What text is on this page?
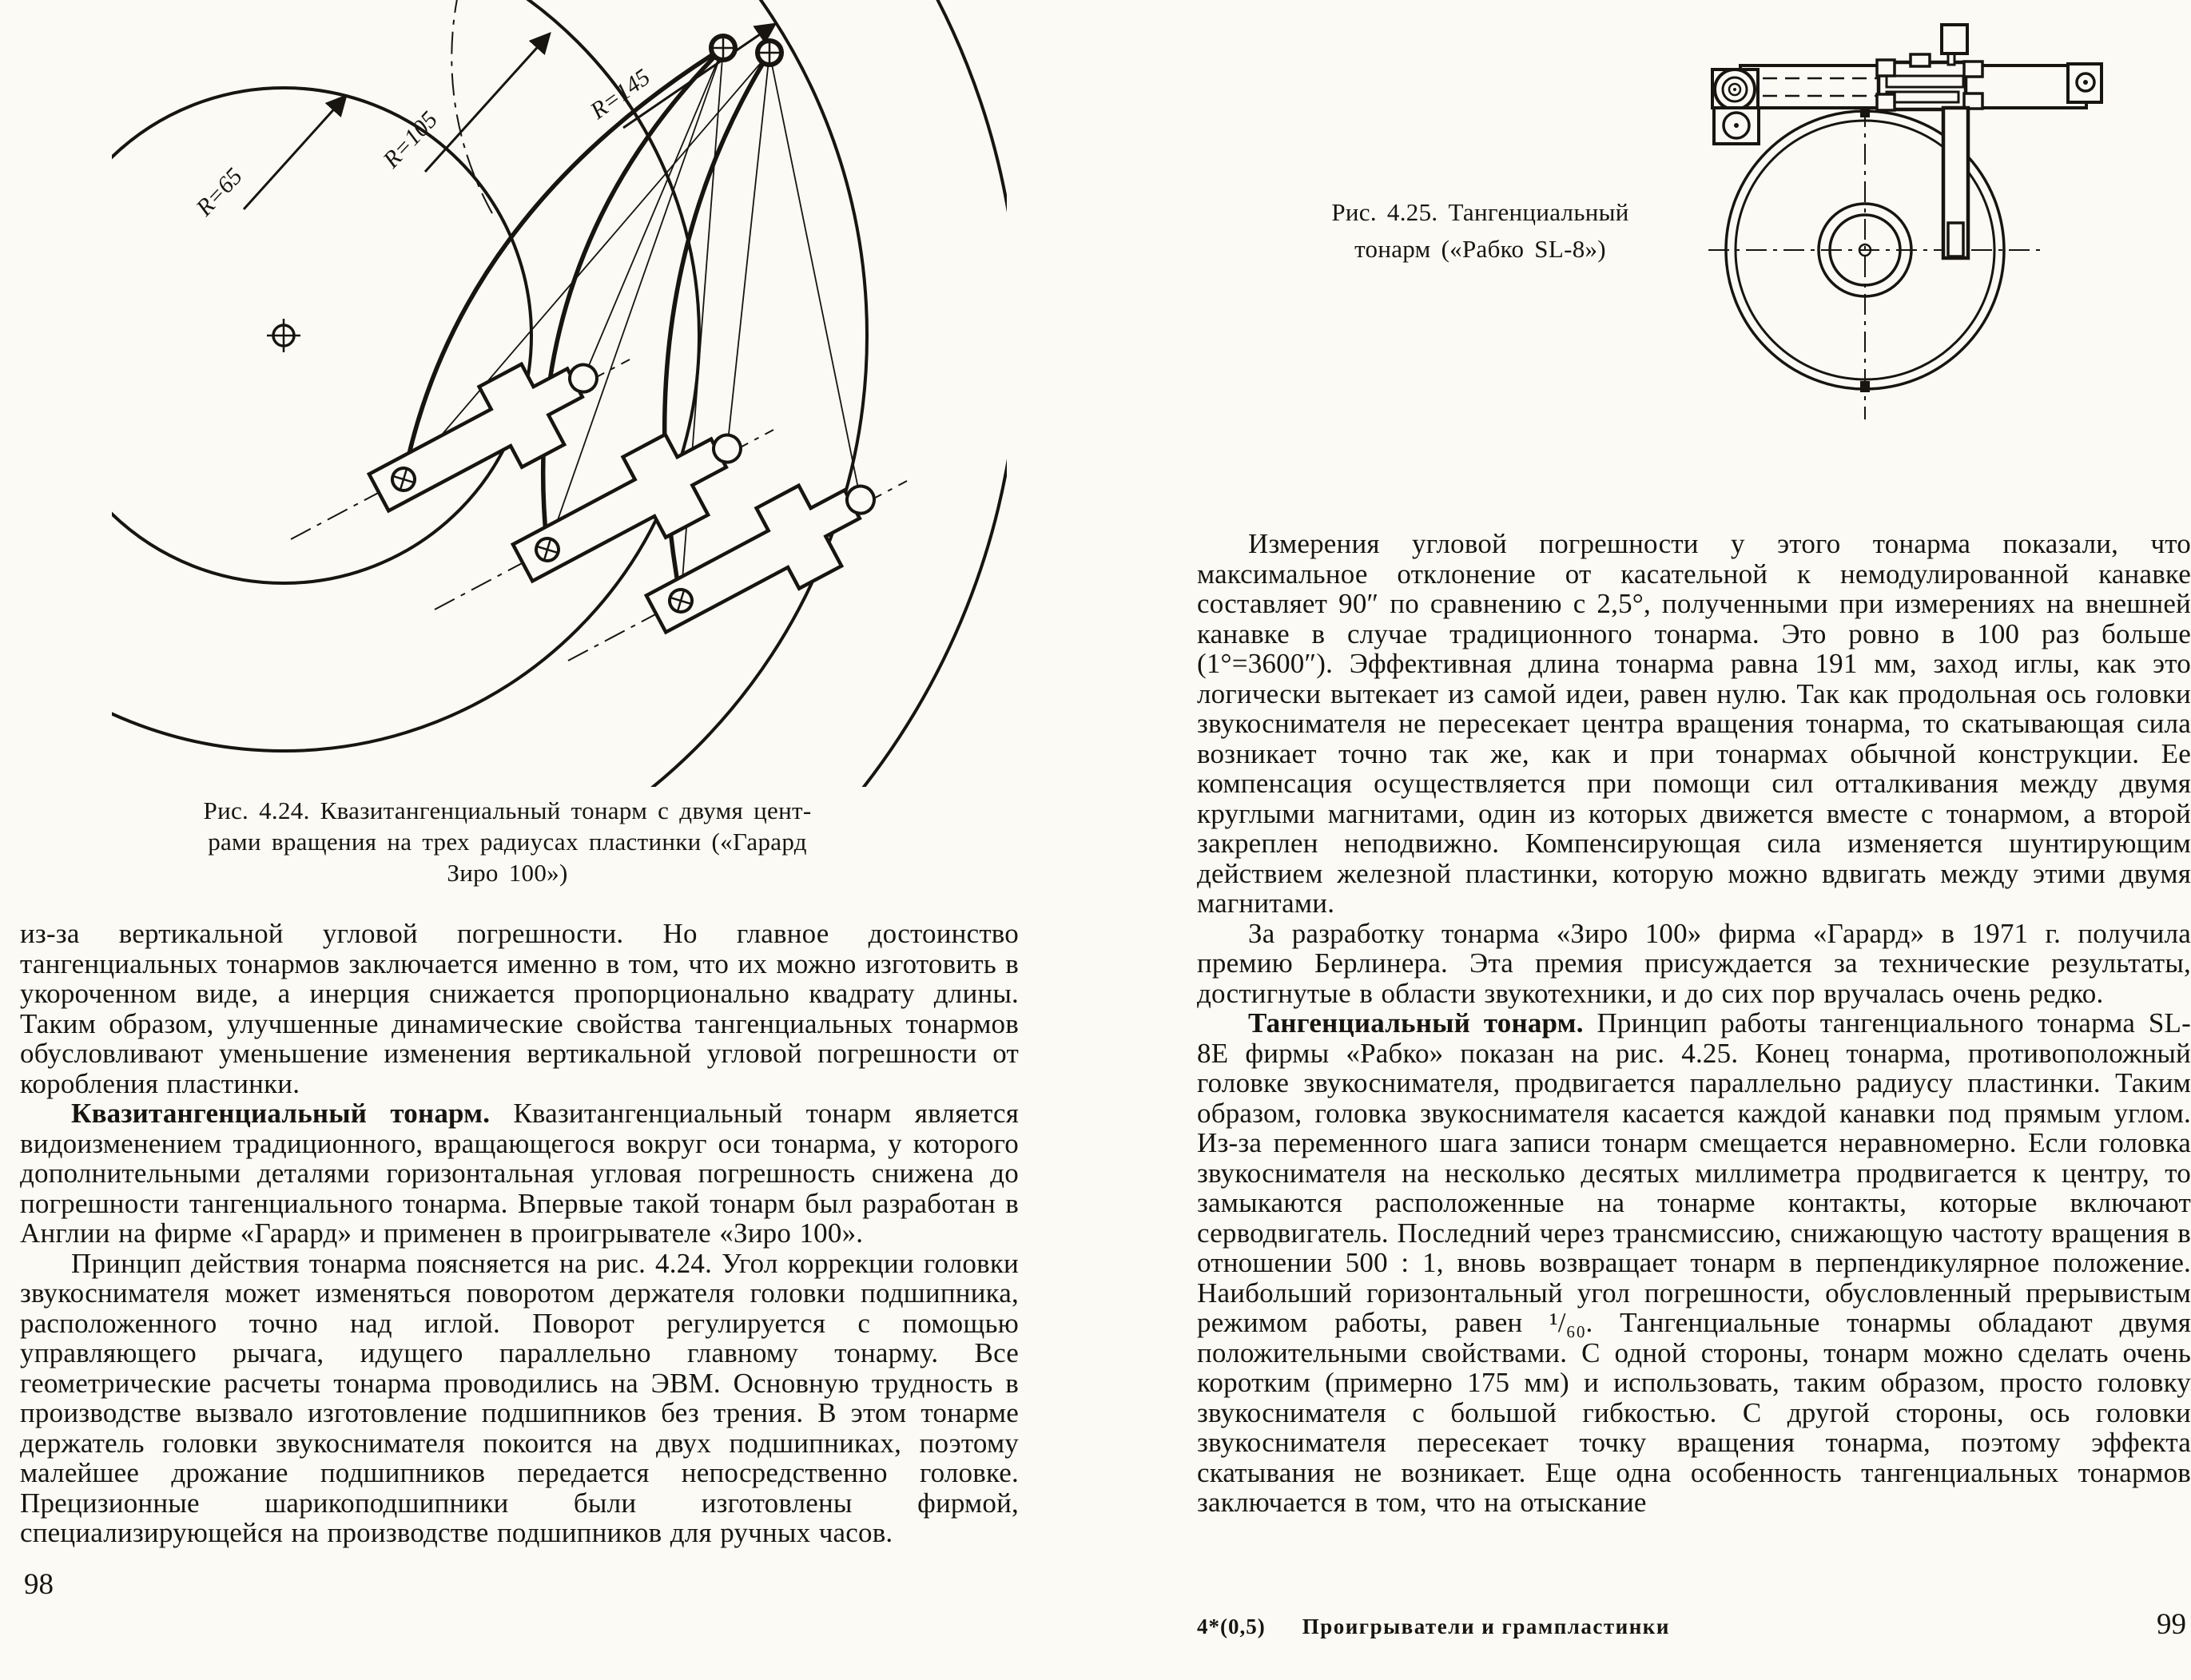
R=65
R=105
R=145
Рис. 4.24. Квазитангенциальный тонарм с двумя цент-
рами вращения на трех радиусах пластинки («Гарард
Зиро 100»)

из-за вертикальной угловой погрешности. Но главное достоинство тангенциальных тонармов заключается именно в том, что их можно изготовить в укороченном виде, а инерция снижается пропорционально квадрату длины. Таким образом, улучшенные динамические свойства тангенциальных тонармов обусловливают уменьшение изменения вертикальной угловой погрешности от коробления пластинки.

Квазитангенциальный тонарм. Квазитангенциальный тонарм является видоизменением традиционного, вращающегося вокруг оси тонарма, у которого дополнительными деталями горизонтальная угловая погрешность снижена до погрешности тангенциального тонарма. Впервые такой тонарм был разработан в Англии на фирме «Гарард» и применен в проигрывателе «Зиро 100».

Принцип действия тонарма поясняется на рис. 4.24. Угол коррекции головки звукоснимателя может изменяться поворотом держателя головки подшипника, расположенного точно над иглой. Поворот регулируется с помощью управляющего рычага, идущего параллельно главному тонарму. Все геометрические расчеты тонарма проводились на ЭВМ. Основную трудность в производстве вызвало изготовление подшипников без трения. В этом тонарме держатель головки звукоснимателя покоится на двух подшипниках, поэтому малейшее дрожание подшипников передается непосредственно головке. Прецизионные шарикоподшипники были изготовлены фирмой, специализирующейся на производстве подшипников для ручных часов.

98
Рис. 4.25. Тангенциальный
тонарм («Рабко SL-8»)

Измерения угловой погрешности у этого тонарма показали, что максимальное отклонение от касательной к немодулированной канавке составляет 90″ по сравнению с 2,5°, полученными при измерениях на внешней канавке в случае традиционного тонарма. Это ровно в 100 раз больше (1°=3600″). Эффективная длина тонарма равна 191 мм, заход иглы, как это логически вытекает из самой идеи, равен нулю. Так как продольная ось головки звукоснимателя не пересекает центра вращения тонарма, то скатывающая сила возникает точно так же, как и при тонармах обычной конструкции. Ее компенсация осуществляется при помощи сил отталкивания между двумя круглыми магнитами, один из которых движется вместе с тонармом, а второй закреплен неподвижно. Компенсирующая сила изменяется шунтирующим действием железной пластинки, которую можно вдвигать между этими двумя магнитами.

За разработку тонарма «Зиро 100» фирма «Гарард» в 1971 г. получила премию Берлинера. Эта премия присуждается за технические результаты, достигнутые в области звукотехники, и до сих пор вручалась очень редко.

Тангенциальный тонарм. Принцип работы тангенциального тонарма SL-8E фирмы «Рабко» показан на рис. 4.25. Конец тонарма, противоположный головке звукоснимателя, продвигается параллельно радиусу пластинки. Таким образом, головка звукоснимателя касается каждой канавки под прямым углом. Из-за переменного шага записи тонарм смещается неравномерно. Если головка звукоснимателя на несколько десятых миллиметра продвигается к центру, то замыкаются расположенные на тонарме контакты, которые включают серводвигатель. Последний через трансмиссию, снижающую частоту вращения в отношении 500 : 1, вновь возвращает тонарм в перпендикулярное положение. Наибольший горизонтальный угол погрешности, обусловленный прерывистым режимом работы, равен ¹/₆₀. Тангенциальные тонармы обладают двумя положительными свойствами. С одной стороны, тонарм можно сделать очень коротким (примерно 175 мм) и использовать, таким образом, просто головку звукоснимателя с большой гибкостью. С другой стороны, ось головки звукоснимателя пересекает точку вращения тонарма, поэтому эффекта скатывания не возникает. Еще одна особенность тангенциальных тонармов заключается в том, что на отыскание

4*(0,5) Проигрыватели и грампластинки	99
